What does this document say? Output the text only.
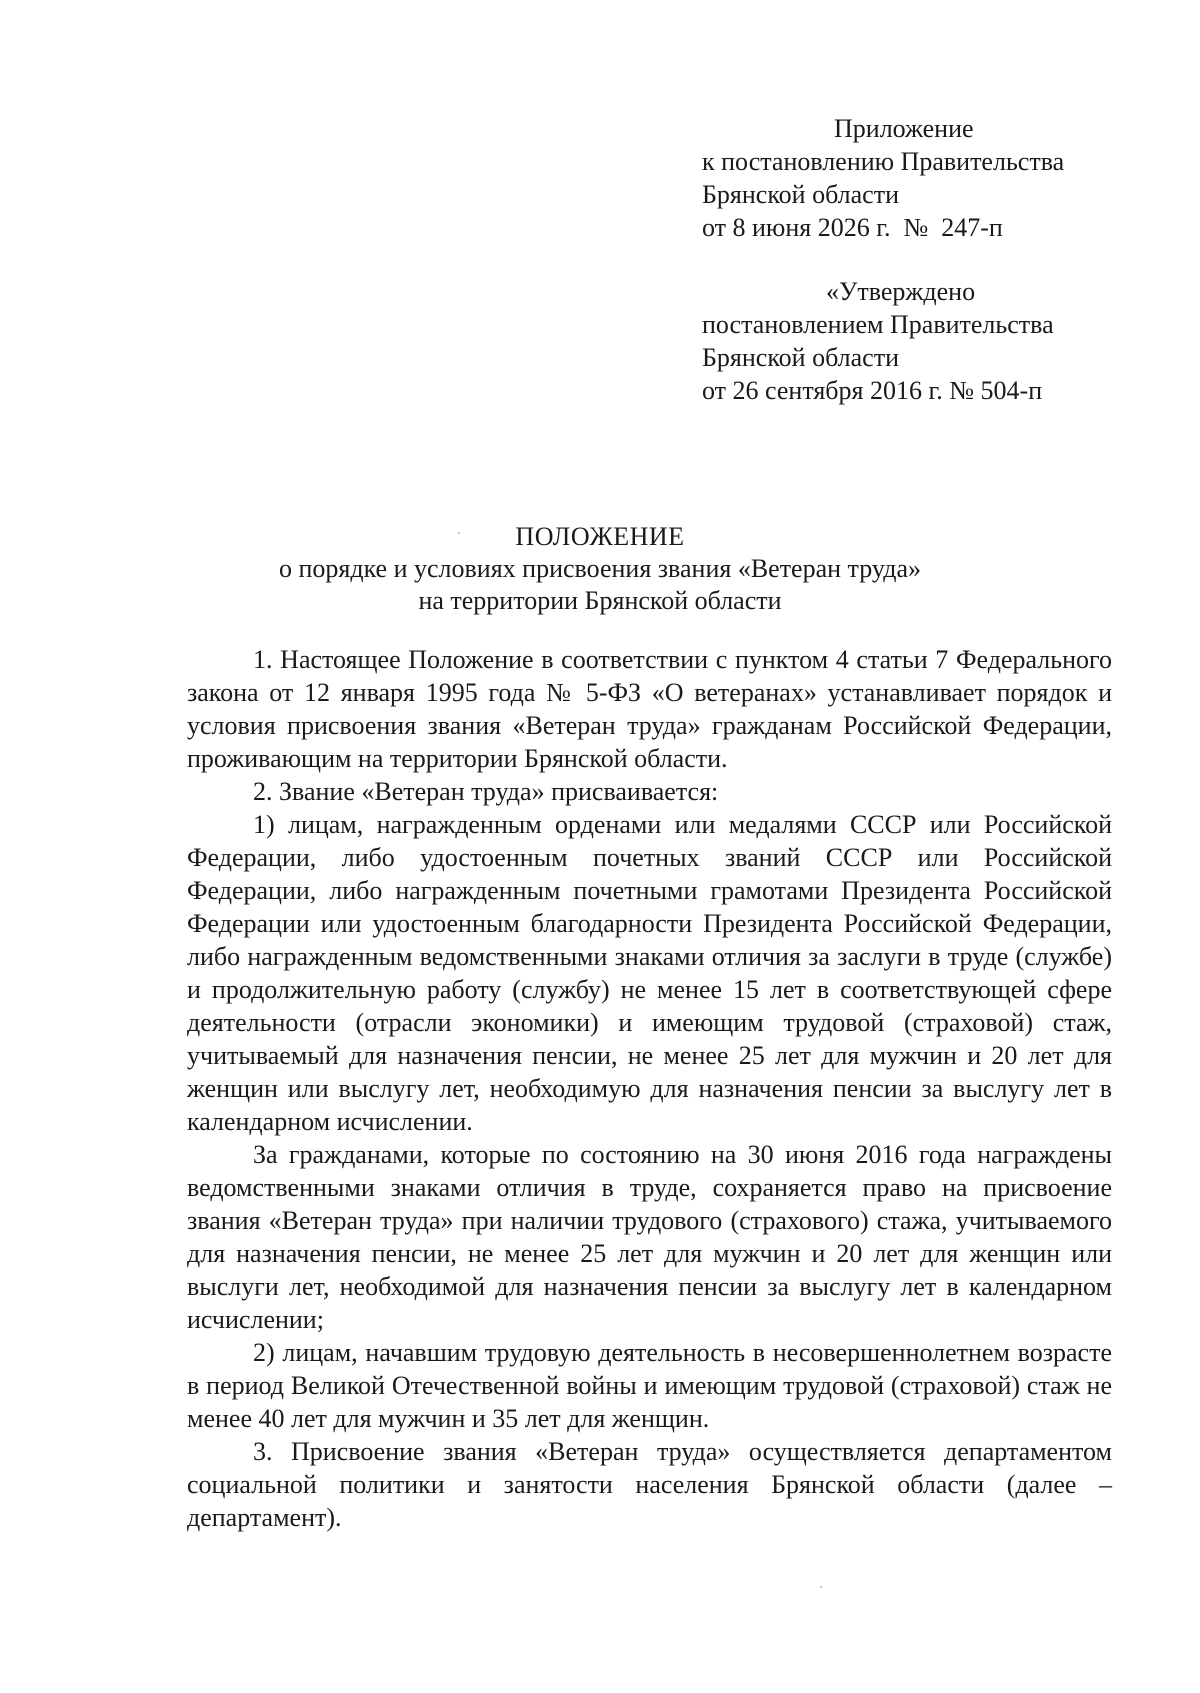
Приложение
к постановлению Правительства
Брянской области
от 8 июня 2026 г.  №  247-п
«Утверждено
постановлением Правительства
Брянской области
от 26 сентября 2016 г. № 504-п
ПОЛОЖЕНИЕ
о порядке и условиях присвоения звания «Ветеран труда»
на территории Брянской области

1. Настоящее Положение в соответствии с пунктом 4 статьи 7 Федерального закона от 12 января 1995 года № 5-ФЗ «О ветеранах» устанавливает порядок и условия присвоения звания «Ветеран труда» гражданам Российской Федерации, проживающим на территории Брянской области.

2. Звание «Ветеран труда» присваивается:

1) лицам, награжденным орденами или медалями СССР или Российской Федерации, либо удостоенным почетных званий СССР или Российской Федерации, либо награжденным почетными грамотами Президента Российской Федерации или удостоенным благодарности Президента Российской Федерации, либо награжденным ведомственными знаками отличия за заслуги в труде (службе) и продолжительную работу (службу) не менее 15 лет в соответствующей сфере деятельности (отрасли экономики) и имеющим трудовой (страховой) стаж, учитываемый для назначения пенсии, не менее 25 лет для мужчин и 20 лет для женщин или выслугу лет, необходимую для назначения пенсии за выслугу лет в календарном исчислении.

За гражданами, которые по состоянию на 30 июня 2016 года награждены ведомственными знаками отличия в труде, сохраняется право на присвоение звания «Ветеран труда» при наличии трудового (страхового) стажа, учитываемого для назначения пенсии, не менее 25 лет для мужчин и 20 лет для женщин или выслуги лет, необходимой для назначения пенсии за выслугу лет в календарном исчислении;

2) лицам, начавшим трудовую деятельность в несовершеннолетнем возрасте в период Великой Отечественной войны и имеющим трудовой (страховой) стаж не менее 40 лет для мужчин и 35 лет для женщин.

3. Присвоение звания «Ветеран труда» осуществляется департаментом социальной политики и занятости населения Брянской области (далее – департамент).
